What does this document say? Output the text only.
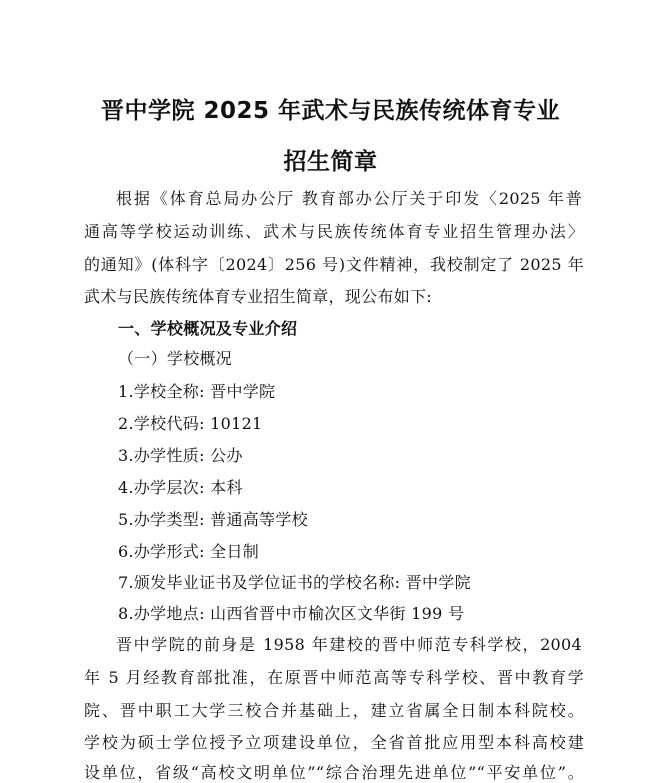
晋中学院 2025 年武术与民族传统体育专业
招生简章
根据《体育总局办公厅 教育部办公厅关于印发〈2025 年普
通高等学校运动训练、武术与民族传统体育专业招生管理办法〉
的通知》(体科字〔2024〕256 号)文件精神，我校制定了 2025 年
武术与民族传统体育专业招生简章，现公布如下:
一、学校概况及专业介绍
（一）学校概况
1.学校全称: 晋中学院
2.学校代码: 10121
3.办学性质: 公办
4.办学层次: 本科
5.办学类型: 普通高等学校
6.办学形式: 全日制
7.颁发毕业证书及学位证书的学校名称: 晋中学院
8.办学地点: 山西省晋中市榆次区文华街 199 号
晋中学院的前身是 1958 年建校的晋中师范专科学校，2004
年 5 月经教育部批准，在原晋中师范高等专科学校、晋中教育学
院、晋中职工大学三校合并基础上，建立省属全日制本科院校。
学校为硕士学位授予立项建设单位，全省首批应用型本科高校建
设单位，省级“高校文明单位”“综合治理先进单位”“平安单位”。
